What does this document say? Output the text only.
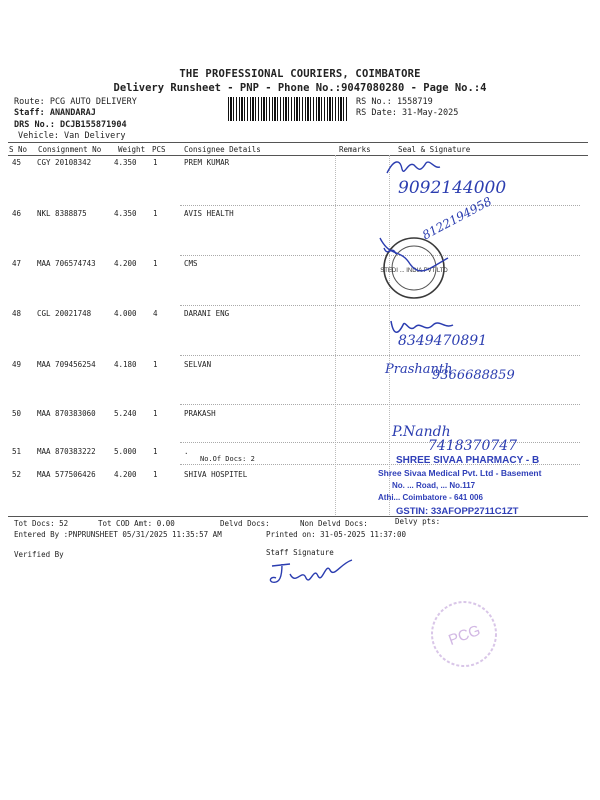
THE PROFESSIONAL COURIERS, COIMBATORE
Delivery Runsheet - PNP - Phone No.:9047080280 - Page No.:4
Route: PCG AUTO DELIVERY
Staff: ANANDARAJ
DRS No.: DCJB155871904
Vehicle: Van Delivery
RS No.: 1558719
RS Date: 31-May-2025
S No Consignment No Weight PCS Consignee Details	Remarks	Seal & Signature
45 CGY 20108342	4.350 1	PREM KUMAR
46 NKL 8388875	4.350 1	AVIS HEALTH
47 MAA 706574743 4.200 1	CMS
48 CGL 20021748	4.000 4	DARANI ENG
49 MAA 709456254 4.180 1	SELVAN
50 MAA 870383060 5.240 1	PRAKASH
51 MAA 870383222 5.000 1	.
No.Of Docs: 2
52 MAA 577506426 4.200 1	SHIVA HOSPITEL
9092144000
8122194958
STEDI ... INDIA PVT LTD
8349470891
Prashanth
9366688859
P.Nandh
7418370747
SHREE SIVAA PHARMACY - B
Shree Sivaa Medical Pvt. Ltd - Basement
No. ... Road, ... No.117
Athi... Coimbatore - 641 006
GSTIN: 33AFOPP2711C1ZT
Tot Docs: 52	Tot COD Amt: 0.00	Delvd Docs:	Non Delvd Docs:	Delvy pts:
Entered By :PNPRUNSHEET 05/31/2025 11:35:57 AM	Printed on: 31-05-2025 11:37:00
Verified By	Staff Signature
PCG
